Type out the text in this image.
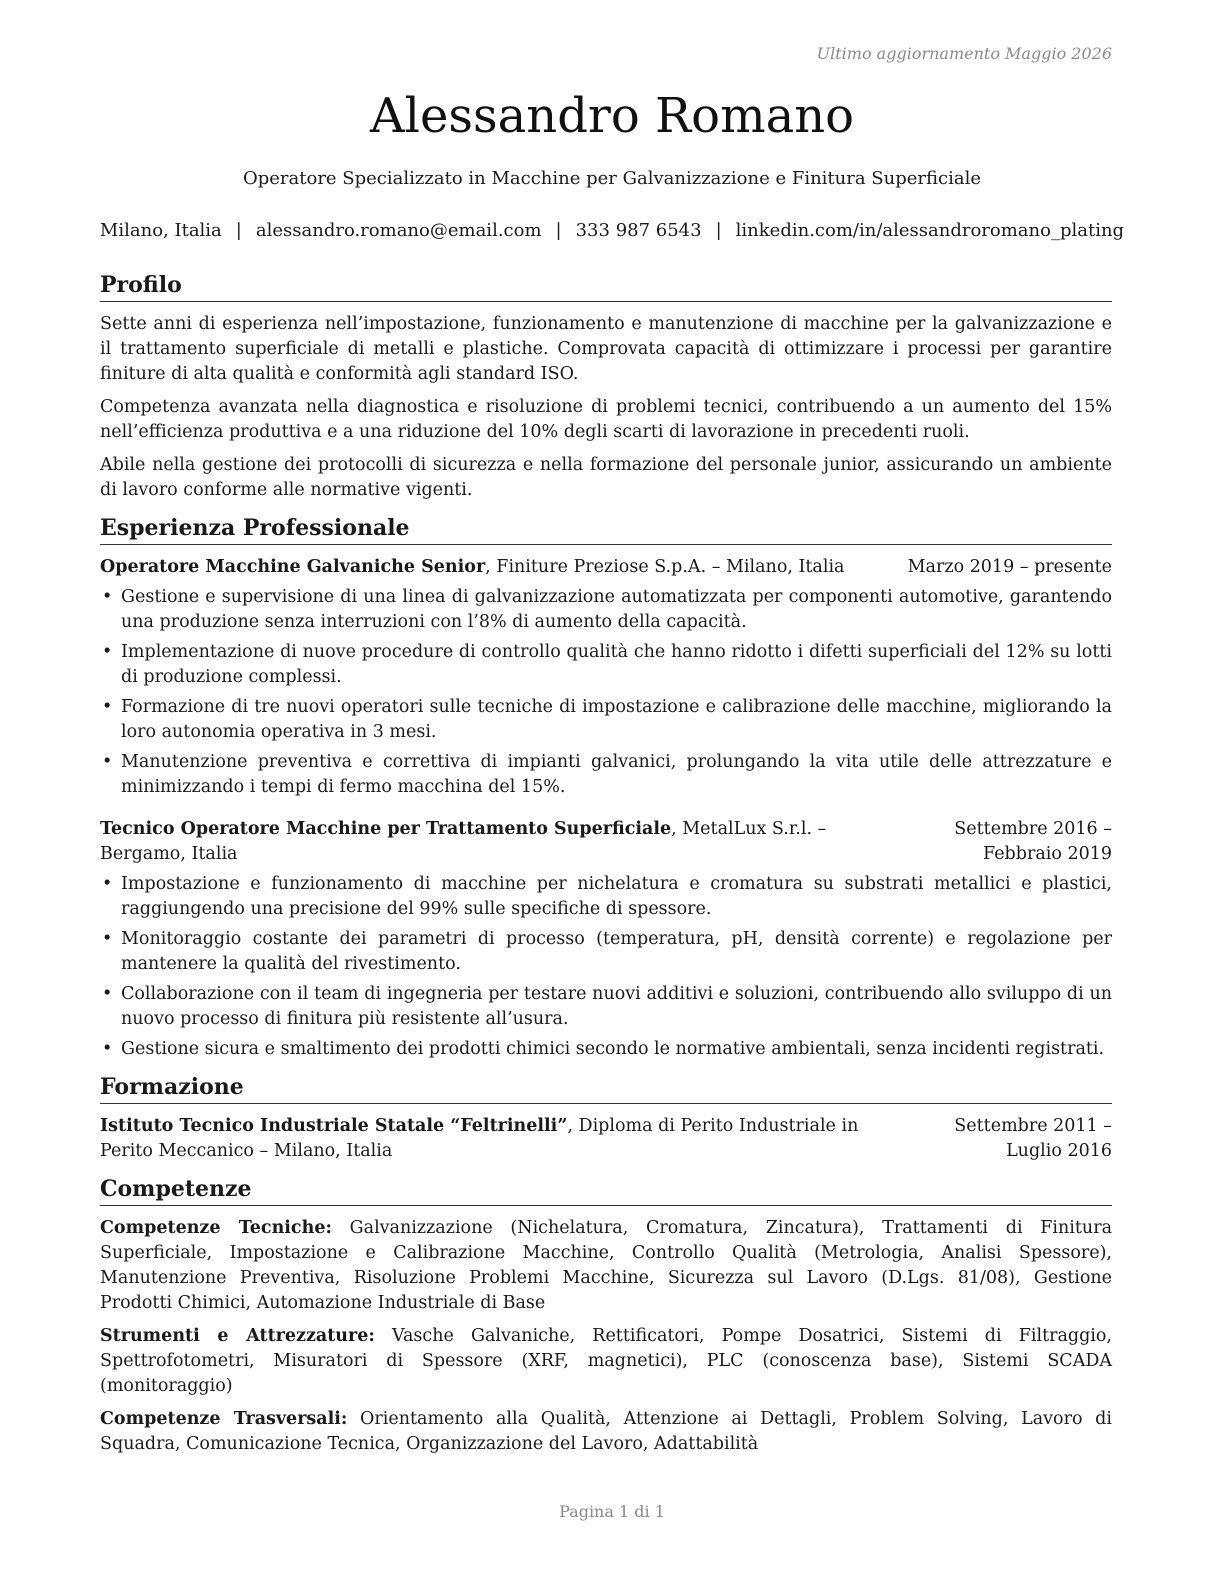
Ultimo aggiornamento Maggio 2026
Alessandro Romano

Operatore Specializzato in Macchine per Galvanizzazione e Finitura Superficiale

Milano, Italia | alessandro.romano@email.com | 333 987 6543 | linkedin.com/in/alessandroromano_plating
Profilo

Sette anni di esperienza nell’impostazione, funzionamento e manutenzione di macchine per la galvanizzazione e il trattamento superficiale di metalli e plastiche. Comprovata capacità di ottimizzare i processi per garantire finiture di alta qualità e conformità agli standard ISO.

Competenza avanzata nella diagnostica e risoluzione di problemi tecnici, contribuendo a un aumento del 15% nell’efficienza produttiva e a una riduzione del 10% degli scarti di lavorazione in precedenti ruoli.

Abile nella gestione dei protocolli di sicurezza e nella formazione del personale junior, assicurando un ambiente di lavoro conforme alle normative vigenti.

Esperienza Professionale
Operatore Macchine Galvaniche Senior, Finiture Preziose S.p.A. – Milano, Italia	Marzo 2019 – presente
• Gestione e supervisione di una linea di galvanizzazione automatizzata per componenti automotive, garantendo una produzione senza interruzioni con l’8% di aumento della capacità.
• Implementazione di nuove procedure di controllo qualità che hanno ridotto i difetti superficiali del 12% su lotti di produzione complessi.
• Formazione di tre nuovi operatori sulle tecniche di impostazione e calibrazione delle macchine, migliorando la loro autonomia operativa in 3 mesi.
• Manutenzione preventiva e correttiva di impianti galvanici, prolungando la vita utile delle attrezzature e minimizzando i tempi di fermo macchina del 15%.
Tecnico Operatore Macchine per Trattamento Superficiale, MetalLux S.r.l. – Bergamo, Italia
Settembre 2016 – Febbraio 2019
• Impostazione e funzionamento di macchine per nichelatura e cromatura su substrati metallici e plastici, raggiungendo una precisione del 99% sulle specifiche di spessore.
• Monitoraggio costante dei parametri di processo (temperatura, pH, densità corrente) e regolazione per mantenere la qualità del rivestimento.
• Collaborazione con il team di ingegneria per testare nuovi additivi e soluzioni, contribuendo allo sviluppo di un nuovo processo di finitura più resistente all’usura.
• Gestione sicura e smaltimento dei prodotti chimici secondo le normative ambientali, senza incidenti registrati.
Formazione
Istituto Tecnico Industriale Statale “Feltrinelli”, Diploma di Perito Industriale in Perito Meccanico – Milano, Italia
Settembre 2011 – Luglio 2016
Competenze

Competenze Tecniche: Galvanizzazione (Nichelatura, Cromatura, Zincatura), Trattamenti di Finitura Superficiale, Impostazione e Calibrazione Macchine, Controllo Qualità (Metrologia, Analisi Spessore), Manutenzione Preventiva, Risoluzione Problemi Macchine, Sicurezza sul Lavoro (D.Lgs. 81/08), Gestione Prodotti Chimici, Automazione Industriale di Base

Strumenti e Attrezzature: Vasche Galvaniche, Rettificatori, Pompe Dosatrici, Sistemi di Filtraggio, Spettrofotometri, Misuratori di Spessore (XRF, magnetici), PLC (conoscenza base), Sistemi SCADA (monitoraggio)

Competenze Trasversali: Orientamento alla Qualità, Attenzione ai Dettagli, Problem Solving, Lavoro di Squadra, Comunicazione Tecnica, Organizzazione del Lavoro, Adattabilità

Pagina 1 di 1
